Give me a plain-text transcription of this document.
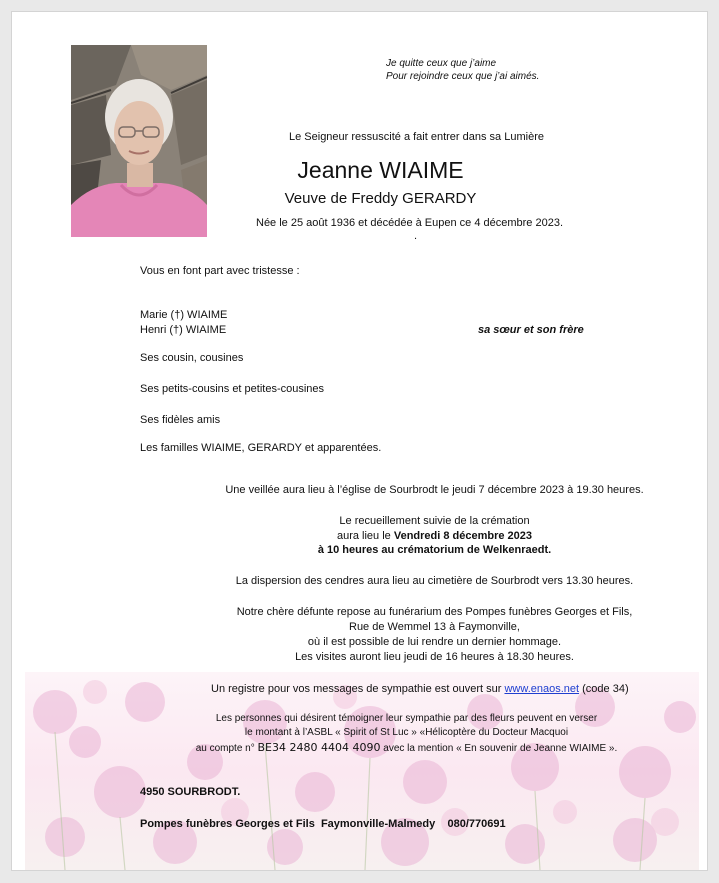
Je quitte ceux que j’aime
Pour rejoindre ceux que j’ai aimés.

Le Seigneur ressuscité a fait entrer dans sa Lumière

Jeanne WIAIME

Veuve de Freddy GERARDY

Née le 25 août 1936 et décédée à Eupen ce 4 décembre 2023.

.

Vous en font part avec tristesse :

Marie (†) WIAIME

Henri (†) WIAIME	sa sœur et son frère

Ses cousin, cousines

Ses petits-cousins et petites-cousines

Ses fidèles amis

Les familles WIAIME, GERARDY et apparentées.

Une veillée aura lieu à l’église de Sourbrodt le jeudi 7 décembre 2023 à 19.30 heures.

Le recueillement suivie de la crémation

aura lieu le Vendredi 8 décembre 2023

à 10 heures au crématorium de Welkenraedt.

La dispersion des cendres aura lieu au cimetière de Sourbrodt vers 13.30 heures.

Notre chère défunte repose au funérarium des Pompes funèbres Georges et Fils,

Rue de Wemmel 13 à Faymonville,

où il est possible de lui rendre un dernier hommage.

Les visites auront lieu jeudi de 16 heures à 18.30 heures.

Un registre pour vos messages de sympathie est ouvert sur www.enaos.net (code 34)

Les personnes qui désirent témoigner leur sympathie par des fleurs peuvent en verser

le montant à l’ASBL « Spirit of St Luc » «Hélicoptère du Docteur Macquoi

au compte n° BE34 2480 4404 4090 avec la mention « En souvenir de Jeanne WIAIME ».

4950 SOURBRODT.

Pompes funèbres Georges et Fils  Faymonville-Malmedy    080/770691
